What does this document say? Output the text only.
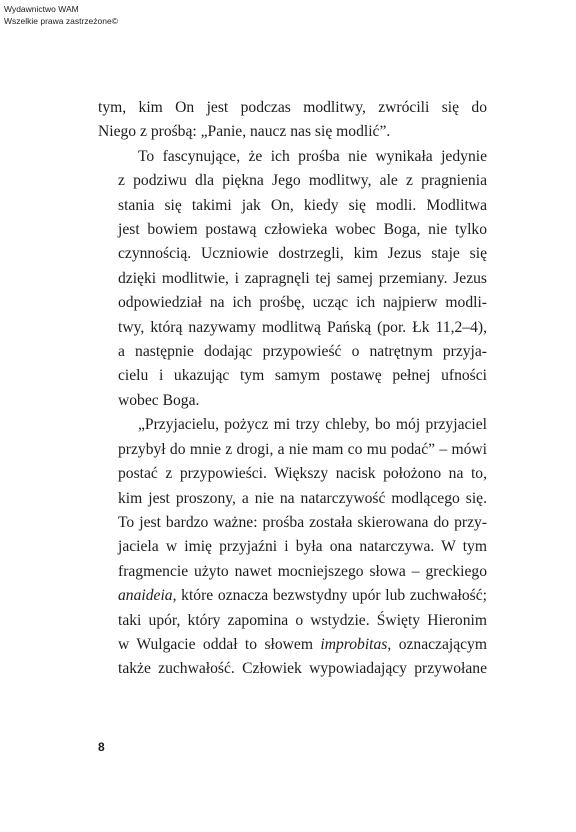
Wydawnictwo WAM
Wszelkie prawa zastrzeżone©
tym, kim On jest podczas modlitwy, zwrócili się do
Niego z prośbą: „Panie, naucz nas się modlić”.
To fascynujące, że ich prośba nie wynikała jedynie
z podziwu dla piękna Jego modlitwy, ale z pragnienia
stania się takimi jak On, kiedy się modli. Modlitwa
jest bowiem postawą człowieka wobec Boga, nie tylko
czynnością. Uczniowie dostrzegli, kim Jezus staje się
dzięki modlitwie, i zapragnęli tej samej przemiany. Jezus
odpowiedział na ich prośbę, ucząc ich najpierw modli-
twy, którą nazywamy modlitwą Pańską (por. Łk 11,2–4),
a następnie dodając przypowieść o natrętnym przyja-
cielu i ukazując tym samym postawę pełnej ufności
wobec Boga.
„Przyjacielu, pożycz mi trzy chleby, bo mój przyjaciel
przybył do mnie z drogi, a nie mam co mu podać” – mówi
postać z przypowieści. Większy nacisk położono na to,
kim jest proszony, a nie na natarczywość modlącego się.
To jest bardzo ważne: prośba została skierowana do przy-
jaciela w imię przyjaźni i była ona natarczywa. W tym
fragmencie użyto nawet mocniejszego słowa – greckiego
anaideia, które oznacza bezwstydny upór lub zuchwałość;
taki upór, który zapomina o wstydzie. Święty Hieronim
w Wulgacie oddał to słowem improbitas, oznaczającym
także zuchwałość. Człowiek wypowiadający przywołane
8
